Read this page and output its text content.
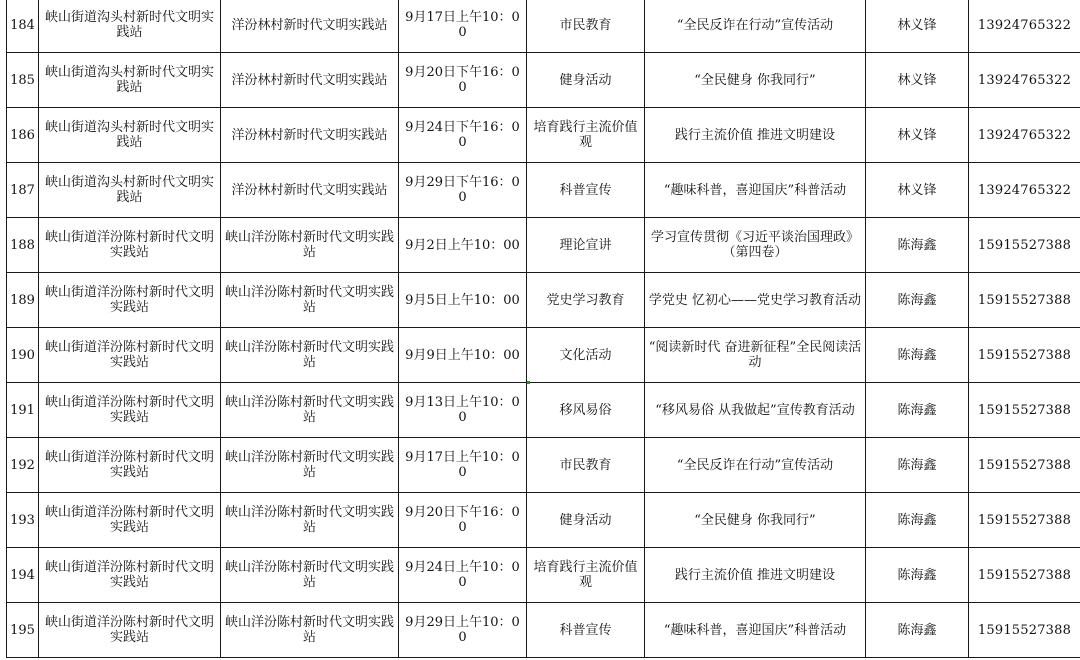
184	峡山街道沟头村新时代文明实践站	洋汾林村新时代文明实践站	9月17日上午10：00	市民教育	“全民反诈在行动”宣传活动	林义锋	13924765322
185	峡山街道沟头村新时代文明实践站	洋汾林村新时代文明实践站	9月20日下午16：00	健身活动	“全民健身 你我同行”	林义锋	13924765322
186	峡山街道沟头村新时代文明实践站	洋汾林村新时代文明实践站	9月24日下午16：00	培育践行主流价值观	践行主流价值 推进文明建设	林义锋	13924765322
187	峡山街道沟头村新时代文明实践站	洋汾林村新时代文明实践站	9月29日下午16：00	科普宣传	“趣味科普，喜迎国庆”科普活动	林义锋	13924765322
188	峡山街道洋汾陈村新时代文明实践站	峡山洋汾陈村新时代文明实践站	9月2日上午10：00	理论宣讲	学习宣传贯彻《习近平谈治国理政》（第四卷）	陈海鑫	15915527388
189	峡山街道洋汾陈村新时代文明实践站	峡山洋汾陈村新时代文明实践站	9月5日上午10：00	党史学习教育	学党史 忆初心——党史学习教育活动	陈海鑫	15915527388
190	峡山街道洋汾陈村新时代文明实践站	峡山洋汾陈村新时代文明实践站	9月9日上午10：00	文化活动	“阅读新时代 奋进新征程”全民阅读活动	陈海鑫	15915527388
191	峡山街道洋汾陈村新时代文明实践站	峡山洋汾陈村新时代文明实践站	9月13日上午10：00	移风易俗	“移风易俗 从我做起”宣传教育活动	陈海鑫	15915527388
192	峡山街道洋汾陈村新时代文明实践站	峡山洋汾陈村新时代文明实践站	9月17日上午10：00	市民教育	“全民反诈在行动”宣传活动	陈海鑫	15915527388
193	峡山街道洋汾陈村新时代文明实践站	峡山洋汾陈村新时代文明实践站	9月20日下午16：00	健身活动	“全民健身 你我同行”	陈海鑫	15915527388
194	峡山街道洋汾陈村新时代文明实践站	峡山洋汾陈村新时代文明实践站	9月24日上午10：00	培育践行主流价值观	践行主流价值 推进文明建设	陈海鑫	15915527388
195	峡山街道洋汾陈村新时代文明实践站	峡山洋汾陈村新时代文明实践站	9月29日上午10：00	科普宣传	“趣味科普，喜迎国庆”科普活动	陈海鑫	15915527388
